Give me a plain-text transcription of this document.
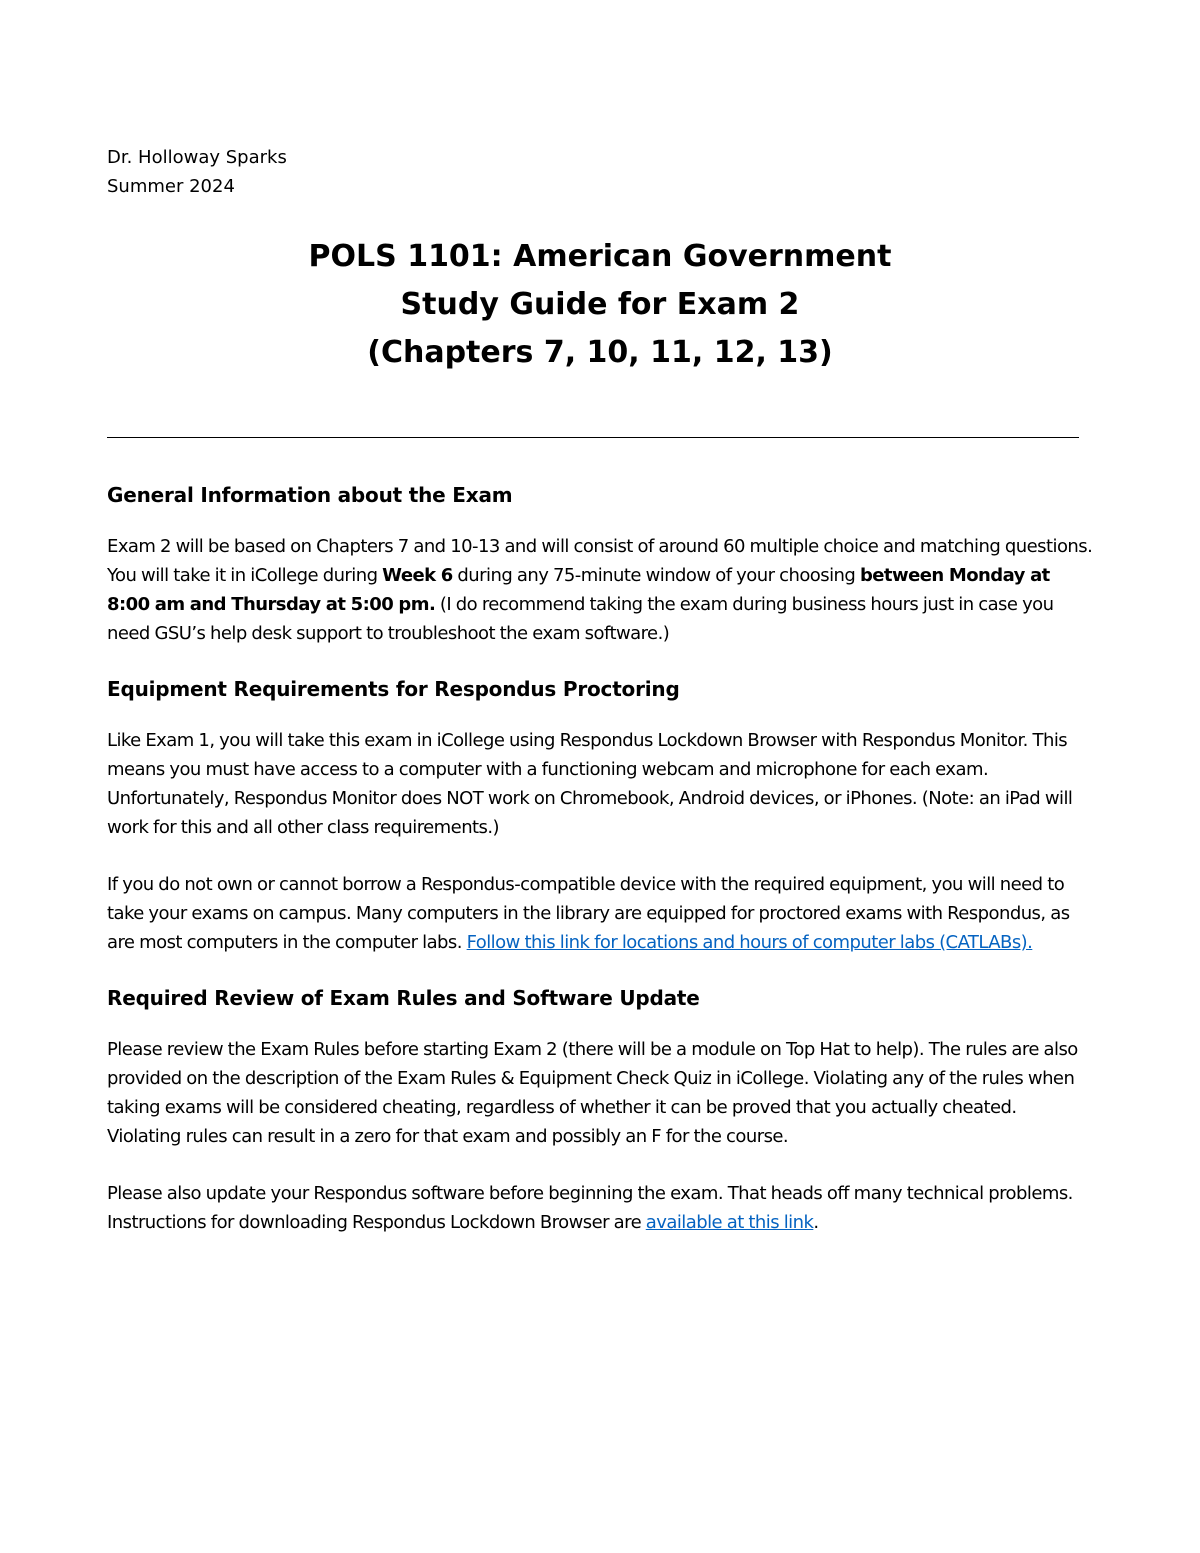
Dr. Holloway Sparks
Summer 2024
POLS 1101: American Government
Study Guide for Exam 2
(Chapters 7, 10, 11, 12, 13)
General Information about the Exam

Exam 2 will be based on Chapters 7 and 10-13 and will consist of around 60 multiple choice and matching questions. You will take it in iCollege during Week 6 during any 75-minute window of your choosing between Monday at 8:00 am and Thursday at 5:00 pm. (I do recommend taking the exam during business hours just in case you need GSU’s help desk support to troubleshoot the exam software.)

Equipment Requirements for Respondus Proctoring

Like Exam 1, you will take this exam in iCollege using Respondus Lockdown Browser with Respondus Monitor. This means you must have access to a computer with a functioning webcam and microphone for each exam. Unfortunately, Respondus Monitor does NOT work on Chromebook, Android devices, or iPhones. (Note: an iPad will work for this and all other class requirements.)

If you do not own or cannot borrow a Respondus-compatible device with the required equipment, you will need to take your exams on campus. Many computers in the library are equipped for proctored exams with Respondus, as are most computers in the computer labs. Follow this link for locations and hours of computer labs (CATLABs).

Required Review of Exam Rules and Software Update

Please review the Exam Rules before starting Exam 2 (there will be a module on Top Hat to help). The rules are also provided on the description of the Exam Rules & Equipment Check Quiz in iCollege. Violating any of the rules when taking exams will be considered cheating, regardless of whether it can be proved that you actually cheated. Violating rules can result in a zero for that exam and possibly an F for the course.

Please also update your Respondus software before beginning the exam. That heads off many technical problems. Instructions for downloading Respondus Lockdown Browser are available at this link.
